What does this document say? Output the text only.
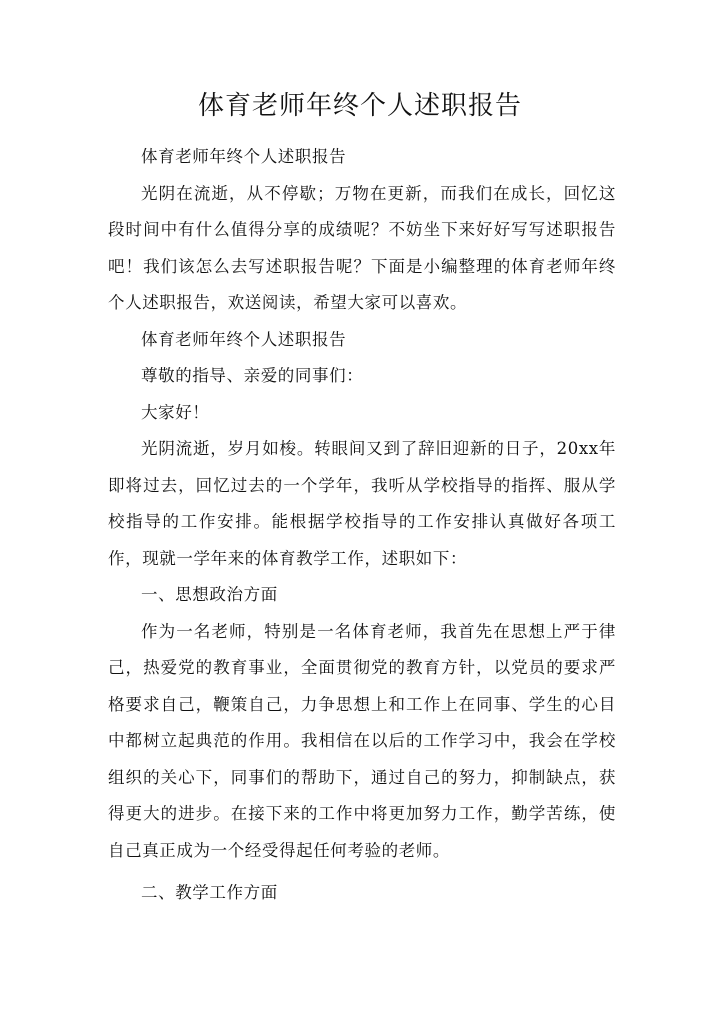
体育老师年终个人述职报告

体育老师年终个人述职报告

光阴在流逝，从不停歇；万物在更新，而我们在成长，回忆这段时间中有什么值得分享的成绩呢？不妨坐下来好好写写述职报告吧！我们该怎么去写述职报告呢？下面是小编整理的体育老师年终个人述职报告，欢送阅读，希望大家可以喜欢。

体育老师年终个人述职报告

尊敬的指导、亲爱的同事们：

大家好！

光阴流逝，岁月如梭。转眼间又到了辞旧迎新的日子，20xx年即将过去，回忆过去的一个学年，我听从学校指导的指挥、服从学校指导的工作安排。能根据学校指导的工作安排认真做好各项工作，现就一学年来的体育教学工作，述职如下：

一、思想政治方面

作为一名老师，特别是一名体育老师，我首先在思想上严于律己，热爱党的教育事业，全面贯彻党的教育方针，以党员的要求严格要求自己，鞭策自己，力争思想上和工作上在同事、学生的心目中都树立起典范的作用。我相信在以后的工作学习中，我会在学校组织的关心下，同事们的帮助下，通过自己的努力，抑制缺点，获得更大的进步。在接下来的工作中将更加努力工作，勤学苦练，使自己真正成为一个经受得起任何考验的老师。

二、教学工作方面
